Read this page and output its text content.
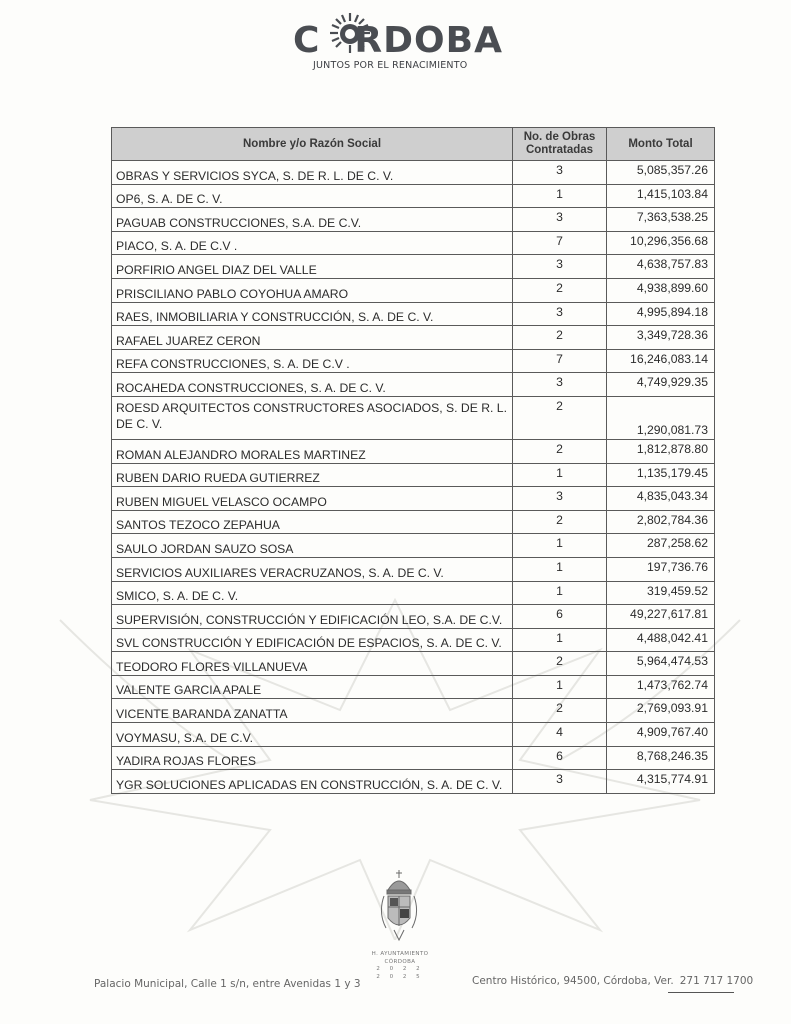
C RDOBA
JUNTOS POR EL RENACIMIENTO
Nombre y/o Razón Social	No. de Obras Contratadas	Monto Total
OBRAS Y SERVICIOS SYCA, S. DE R. L. DE C. V.	3	5,085,357.26
OP6, S. A. DE C. V.	1	1,415,103.84
PAGUAB CONSTRUCCIONES, S.A. DE C.V.	3	7,363,538.25
PIACO, S. A. DE C.V .	7	10,296,356.68
PORFIRIO ANGEL DIAZ DEL VALLE	3	4,638,757.83
PRISCILIANO PABLO COYOHUA AMARO	2	4,938,899.60
RAES, INMOBILIARIA Y CONSTRUCCIÓN, S. A. DE C. V.	3	4,995,894.18
RAFAEL JUAREZ CERON	2	3,349,728.36
REFA CONSTRUCCIONES, S. A. DE C.V .	7	16,246,083.14
ROCAHEDA CONSTRUCCIONES, S. A. DE C. V.	3	4,749,929.35
ROESD ARQUITECTOS CONSTRUCTORES ASOCIADOS, S. DE R. L. DE C. V.	2	1,290,081.73
ROMAN ALEJANDRO MORALES MARTINEZ	2	1,812,878.80
RUBEN DARIO RUEDA GUTIERREZ	1	1,135,179.45
RUBEN MIGUEL VELASCO OCAMPO	3	4,835,043.34
SANTOS TEZOCO ZEPAHUA	2	2,802,784.36
SAULO JORDAN SAUZO SOSA	1	287,258.62
SERVICIOS AUXILIARES VERACRUZANOS, S. A. DE C. V.	1	197,736.76
SMICO, S. A. DE C. V.	1	319,459.52
SUPERVISIÓN, CONSTRUCCIÓN Y EDIFICACIÓN LEO, S.A. DE C.V.	6	49,227,617.81
SVL CONSTRUCCIÓN Y EDIFICACIÓN DE ESPACIOS, S. A. DE C. V.	1	4,488,042.41
TEODORO FLORES VILLANUEVA	2	5,964,474.53
VALENTE GARCIA APALE	1	1,473,762.74
VICENTE BARANDA ZANATTA	2	2,769,093.91
VOYMASU, S.A. DE C.V.	4	4,909,767.40
YADIRA ROJAS FLORES	6	8,768,246.35
YGR SOLUCIONES APLICADAS EN CONSTRUCCIÓN, S. A. DE C. V.	3	4,315,774.91
H. AYUNTAMIENTO
CÓRDOBA
2 0 2 2
2 0 2 5
Palacio Municipal, Calle 1 s/n, entre Avenidas 1 y 3	Centro Histórico, 94500, Córdoba, Ver. 271 717 1700
